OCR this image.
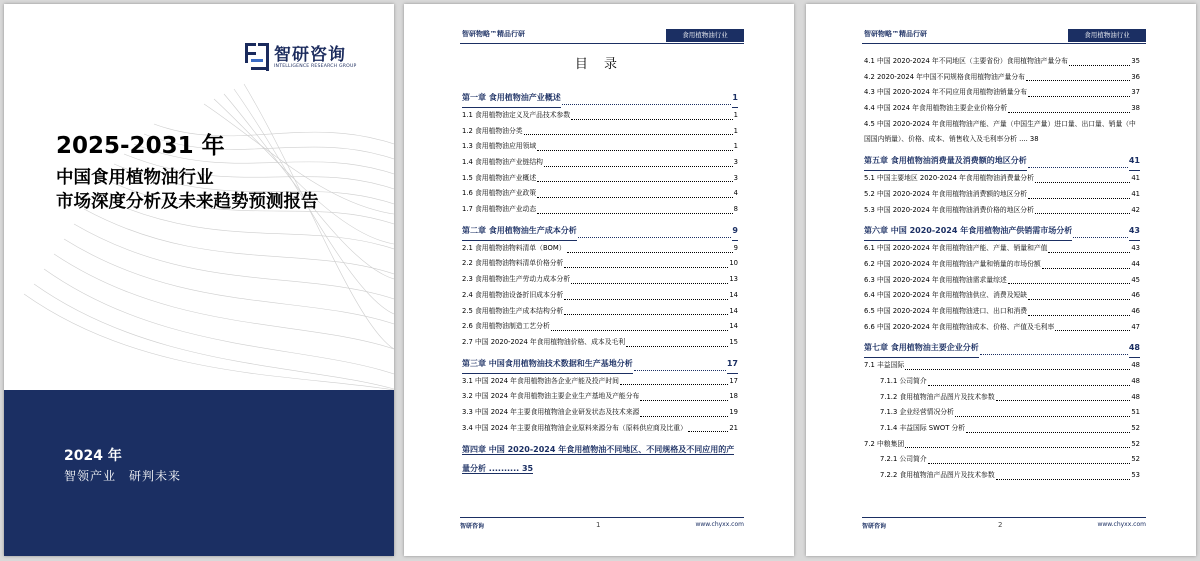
智研咨询
INTELLIGENCE RESEARCH GROUP
2025-2031 年
中国食用植物油行业
市场深度分析及未来趋势预测报告
2024 年
智领产业　研判未来
智研物略™精品行研	食用植物油行业
目 录
第一章 食用植物油产业概述	1
1.1 食用植物油定义及产品技术参数	1
1.2 食用植物油分类	1
1.3 食用植物油应用领域	1
1.4 食用植物油产业链结构	3
1.5 食用植物油产业概述	3
1.6 食用植物油产业政策	4
1.7 食用植物油产业动态	8
第二章 食用植物油生产成本分析	9
2.1 食用植物油物料清单（BOM）	9
2.2 食用植物油物料清单价格分析	10
2.3 食用植物油生产劳动力成本分析	13
2.4 食用植物油设备折旧成本分析	14
2.5 食用植物油生产成本结构分析	14
2.6 食用植物油制造工艺分析	14
2.7 中国 2020-2024 年食用植物油价格、成本及毛利	15
第三章 中国食用植物油技术数据和生产基地分析	17
3.1 中国 2024 年食用植物油各企业产能及投产时间	17
3.2 中国 2024 年食用植物油主要企业生产基地及产能分布	18
3.3 中国 2024 年主要食用植物油企业研发状态及技术来源	19
3.4 中国 2024 年主要食用植物油企业原料来源分布（原料供应商及比重）	21
第四章 中国 2020-2024 年食用植物油不同地区、不同规格及不同应用的产量分析 .......... 35
智研咨询	1	www.chyxx.com
智研物略™精品行研	食用植物油行业
4.1 中国 2020-2024 年不同地区（主要省份）食用植物油产量分布	35
4.2 2020-2024 年中国不同规格食用植物油产量分布	36
4.3 中国 2020-2024 年不同应用食用植物油销量分布	37
4.4 中国 2024 年食用植物油主要企业价格分析	38
4.5 中国 2020-2024 年食用植物油产能、产量（中国生产量）进口量、出口量、销量（中国国内销量）、价格、成本、销售收入及毛利率分析 .... 38
第五章 食用植物油消费量及消费额的地区分析	41
5.1 中国主要地区 2020-2024 年食用植物油消费量分析	41
5.2 中国 2020-2024 年食用植物油消费额的地区分析	41
5.3 中国 2020-2024 年食用植物油消费价格的地区分析	42
第六章 中国 2020-2024 年食用植物油产供销需市场分析	43
6.1 中国 2020-2024 年食用植物油产能、产量、销量和产值	43
6.2 中国 2020-2024 年食用植物油产量和销量的市场份额	44
6.3 中国 2020-2024 年食用植物油需求量综述	45
6.4 中国 2020-2024 年食用植物油供应、消费及短缺	46
6.5 中国 2020-2024 年食用植物油进口、出口和消费	46
6.6 中国 2020-2024 年食用植物油成本、价格、产值及毛利率	47
第七章 食用植物油主要企业分析	48
7.1 丰益国际	48
7.1.1 公司简介	48
7.1.2 食用植物油产品图片及技术参数	48
7.1.3 企业经营情况分析	51
7.1.4 丰益国际 SWOT 分析	52
7.2 中粮集团	52
7.2.1 公司简介	52
7.2.2 食用植物油产品图片及技术参数	53
智研咨询	2	www.chyxx.com
